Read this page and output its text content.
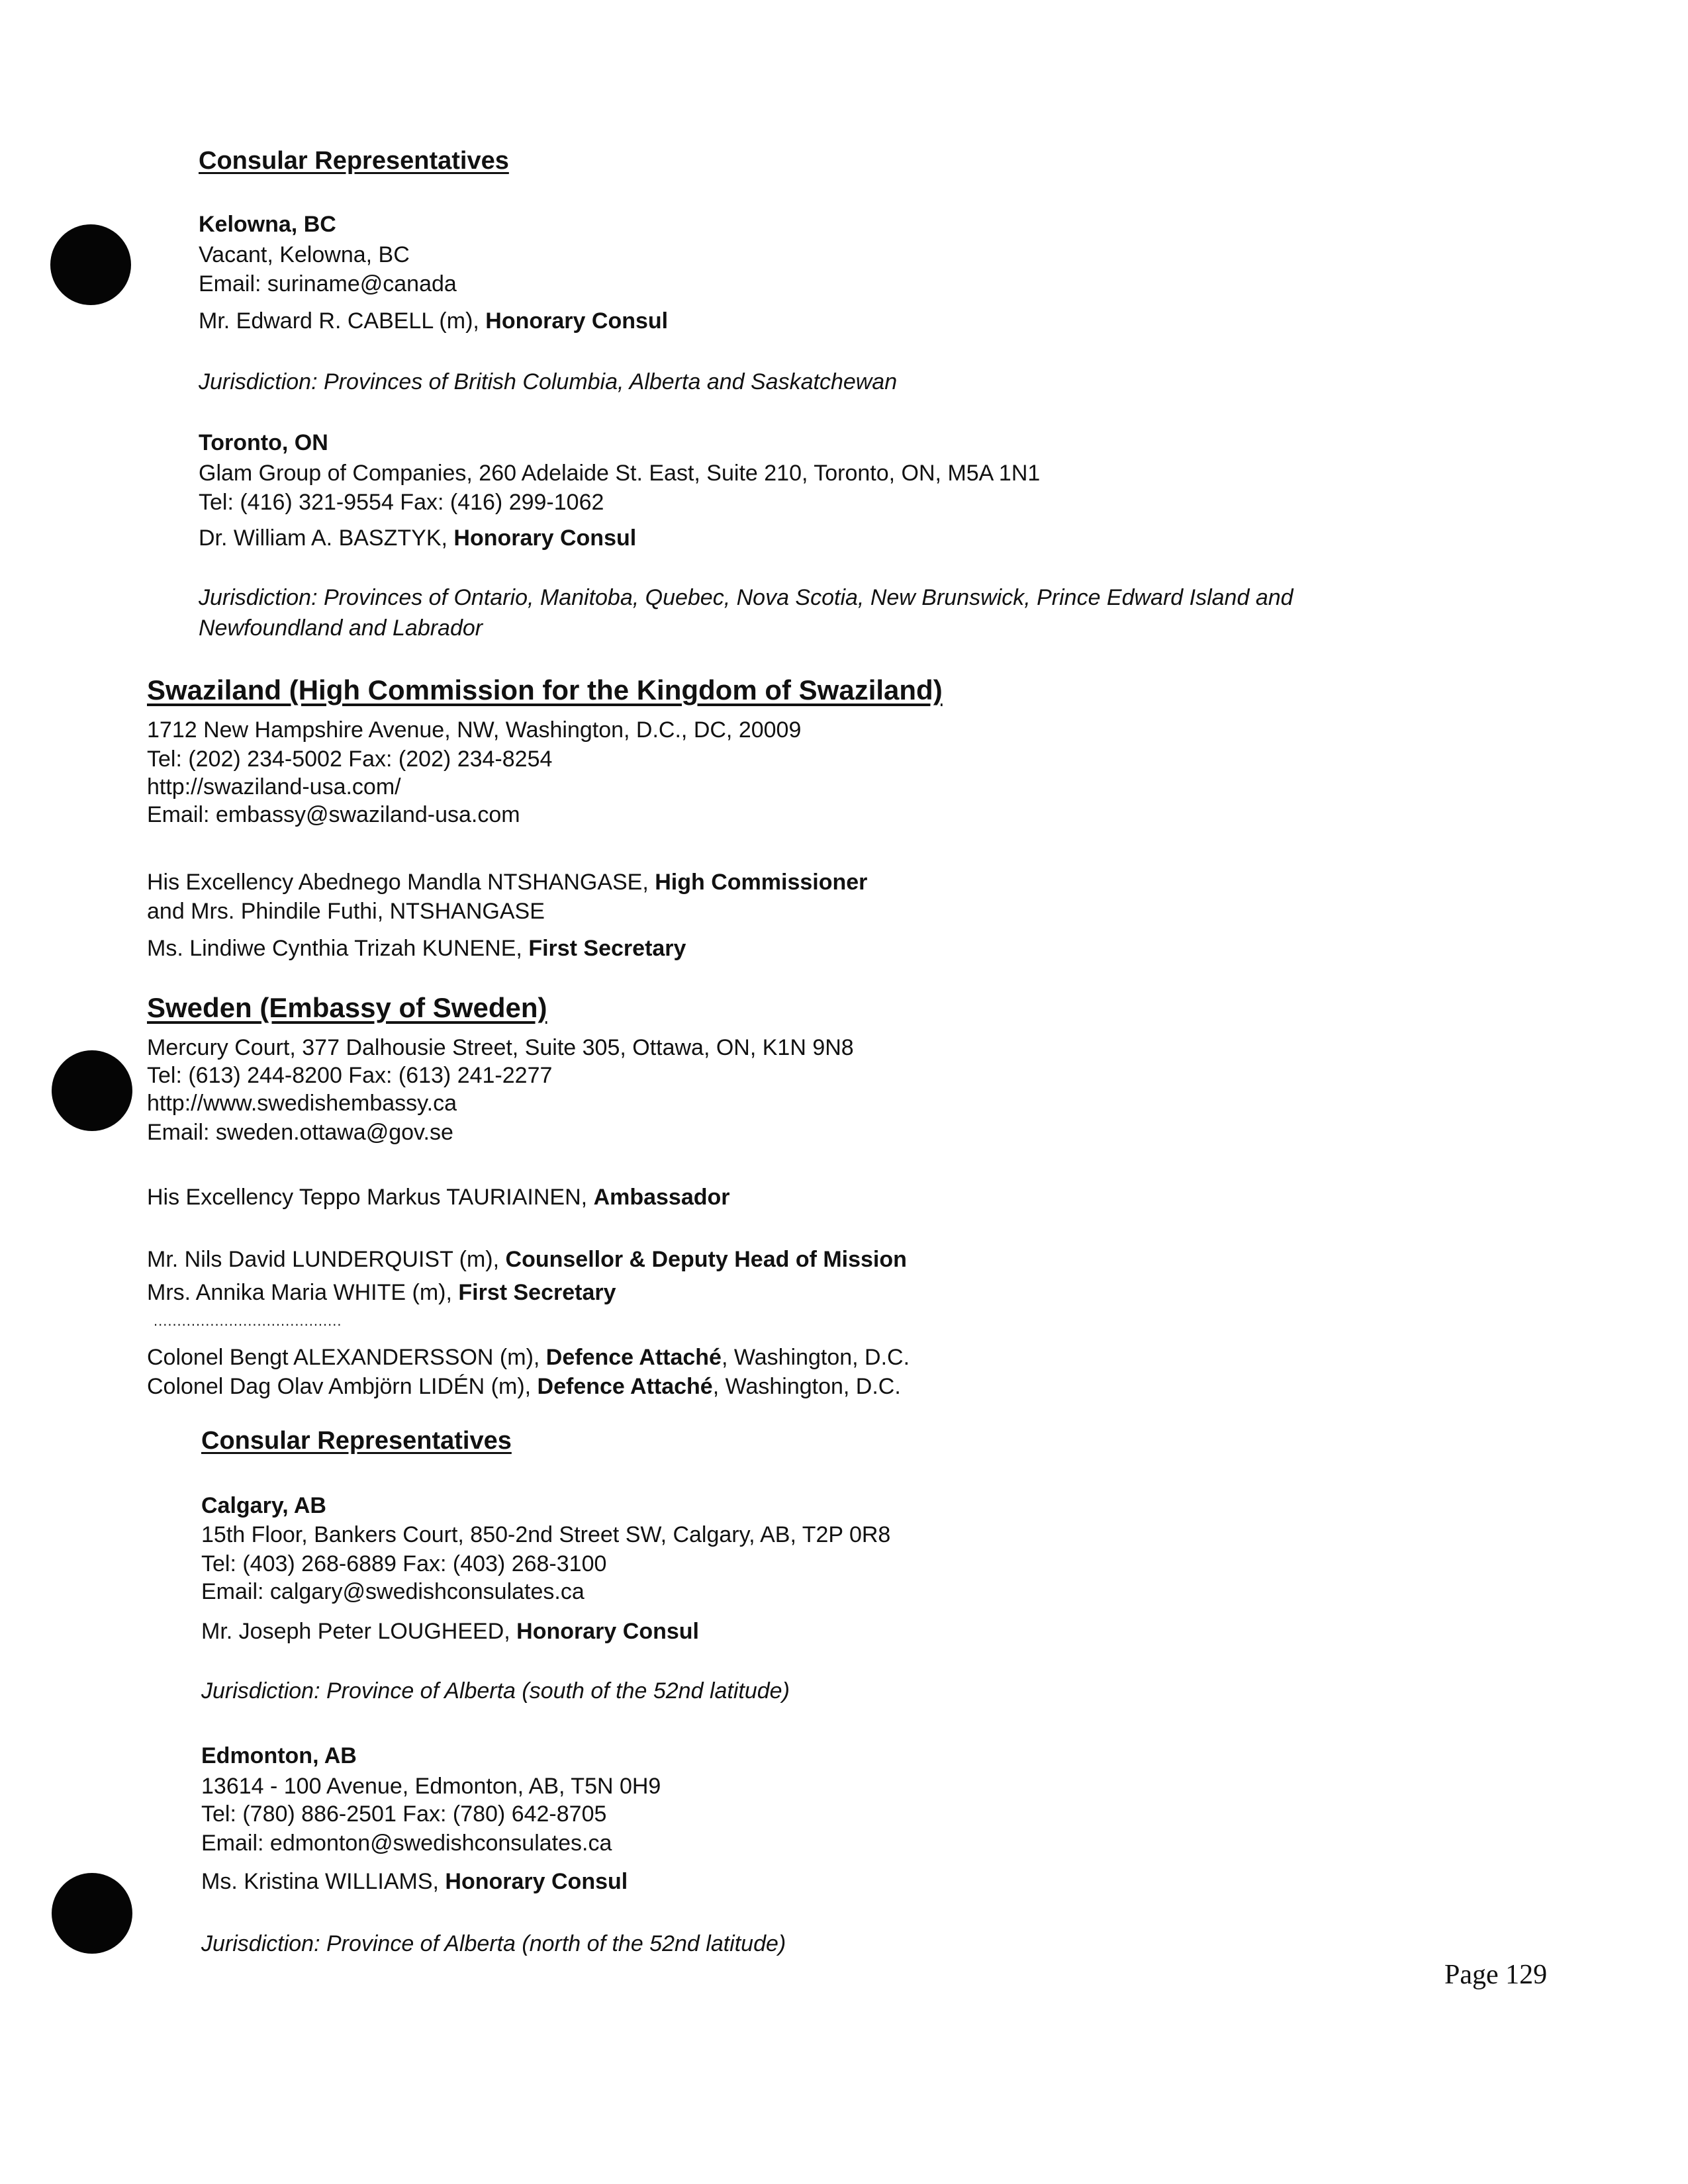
Consular Representatives
Kelowna, BC
Vacant, Kelowna, BC
Email: suriname@canada
Mr. Edward R. CABELL (m), Honorary Consul
Jurisdiction: Provinces of British Columbia, Alberta and Saskatchewan
Toronto, ON
Glam Group of Companies, 260 Adelaide St. East, Suite 210, Toronto, ON, M5A 1N1
Tel: (416) 321-9554 Fax: (416) 299-1062
Dr. William A. BASZTYK, Honorary Consul
Jurisdiction: Provinces of Ontario, Manitoba, Quebec, Nova Scotia, New Brunswick, Prince Edward Island and
Newfoundland and Labrador
Swaziland (High Commission for the Kingdom of Swaziland)
1712 New Hampshire Avenue, NW, Washington, D.C., DC, 20009
Tel: (202) 234-5002 Fax: (202) 234-8254
http://swaziland-usa.com/
Email: embassy@swaziland-usa.com
His Excellency Abednego Mandla NTSHANGASE, High Commissioner
and Mrs. Phindile Futhi, NTSHANGASE
Ms. Lindiwe Cynthia Trizah KUNENE, First Secretary
Sweden (Embassy of Sweden)
Mercury Court, 377 Dalhousie Street, Suite 305, Ottawa, ON, K1N 9N8
Tel: (613) 244-8200 Fax: (613) 241-2277
http://www.swedishembassy.ca
Email: sweden.ottawa@gov.se
His Excellency Teppo Markus TAURIAINEN, Ambassador
Mr. Nils David LUNDERQUIST (m), Counsellor & Deputy Head of Mission
Mrs. Annika Maria WHITE (m), First Secretary
........................................
Colonel Bengt ALEXANDERSSON (m), Defence Attaché, Washington, D.C.
Colonel Dag Olav Ambjörn LIDÉN (m), Defence Attaché, Washington, D.C.
Consular Representatives
Calgary, AB
15th Floor, Bankers Court, 850-2nd Street SW, Calgary, AB, T2P 0R8
Tel: (403) 268-6889 Fax: (403) 268-3100
Email: calgary@swedishconsulates.ca
Mr. Joseph Peter LOUGHEED, Honorary Consul
Jurisdiction: Province of Alberta (south of the 52nd latitude)
Edmonton, AB
13614 - 100 Avenue, Edmonton, AB, T5N 0H9
Tel: (780) 886-2501 Fax: (780) 642-8705
Email: edmonton@swedishconsulates.ca
Ms. Kristina WILLIAMS, Honorary Consul
Jurisdiction: Province of Alberta (north of the 52nd latitude)
Page 129
